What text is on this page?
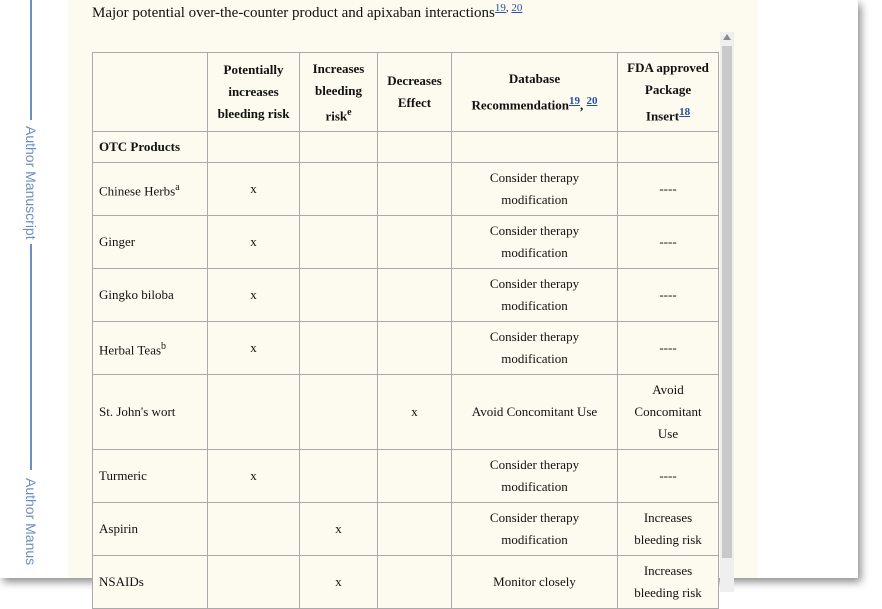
Author Manuscript
Author Manus
Major potential over-the-counter product and apixaban interactions$^{19,}$ $^{20}$
	Potentially increases bleeding risk	Increases bleeding risk$^e$	Decreases Effect	Database Recommendation$^{19}$, $^{20}$	FDA approved Package Insert$^{18}$
OTC Products					
Chinese Herbs$^a$	x			Consider therapy modification	----
Ginger	x			Consider therapy modification	----
Gingko biloba	x			Consider therapy modification	----
Herbal Teas$^b$	x			Consider therapy modification	----
St. John's wort			x	Avoid Concomitant Use	Avoid Concomitant Use
Turmeric	x			Consider therapy modification	----
Aspirin		x		Consider therapy modification	Increases bleeding risk
NSAIDs		x		Monitor closely	Increases bleeding risk
